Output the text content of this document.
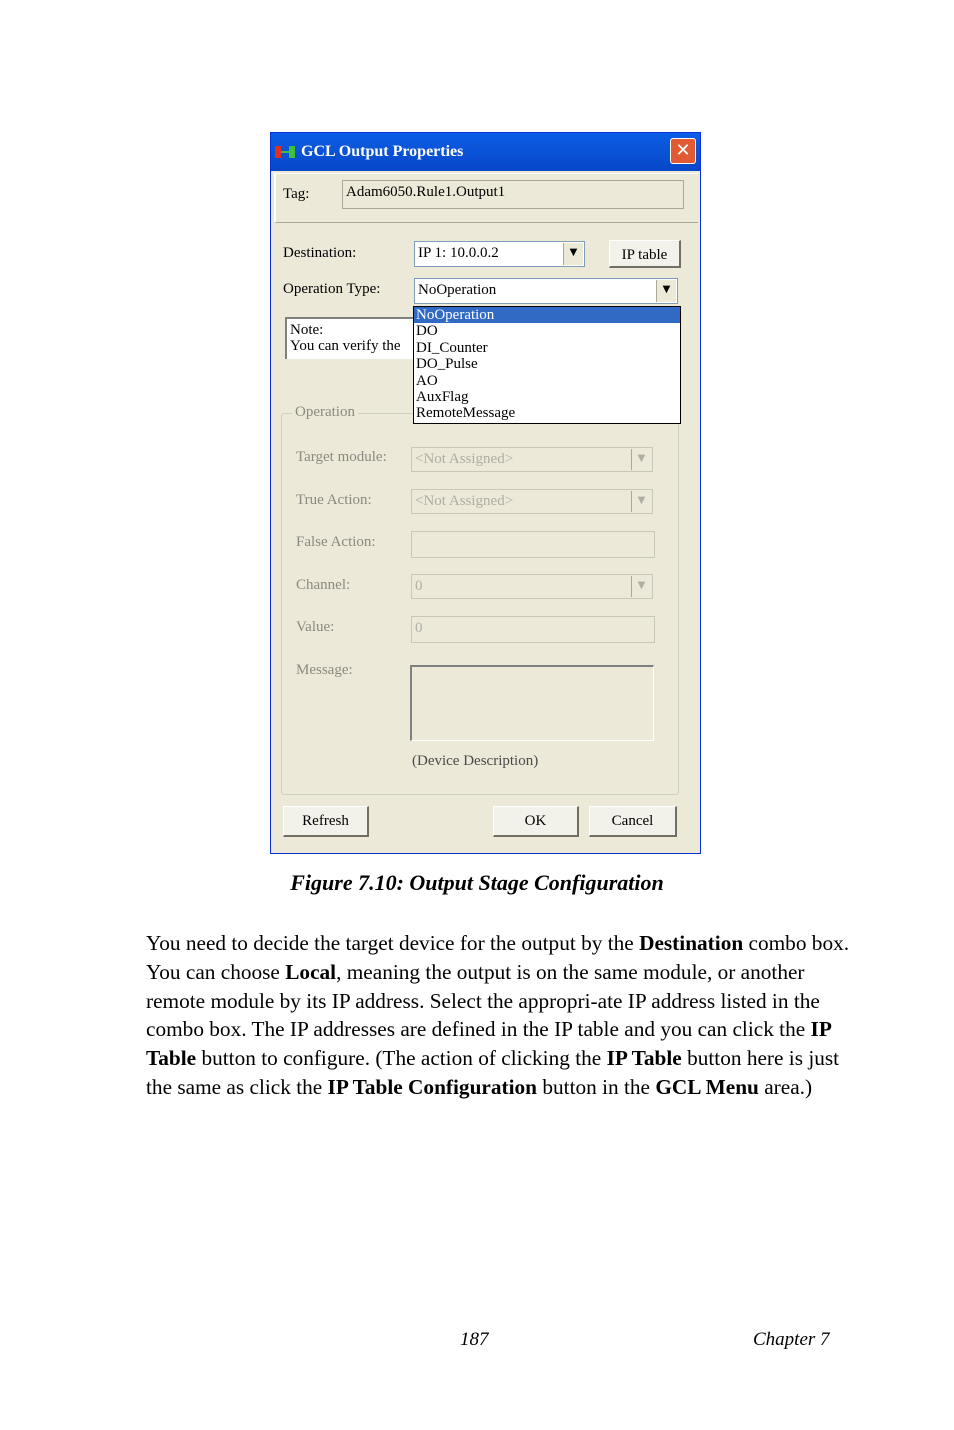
GCL Output Properties	✕
Tag: Adam6050.Rule1.Output1
Destination:	IP 1: 10.0.0.2	▼	IP table
Operation Type:	NoOperation	▼
Note:
You can verify the
Operation
Target module: <Not Assigned>	▼
True Action:	<Not Assigned>	▼
False Action:
Channel:	0	▼
Value:	0
Message:
(Device Description)
Refresh	OK	Cancel
NoOperation
DO
DI_Counter
DO_Pulse
AO
AuxFlag
RemoteMessage
Figure 7.10: Output Stage Configuration
You need to decide the target device for the output by the Destination combo box. You can choose Local, meaning the output is on the same module, or another remote module by its IP address. Select the appropri-ate IP address listed in the combo box. The IP addresses are defined in the IP table and you can click the IP Table button to configure. (The action of clicking the IP Table button here is just the same as click the IP Table Configuration button in the GCL Menu area.)
187	Chapter 7
